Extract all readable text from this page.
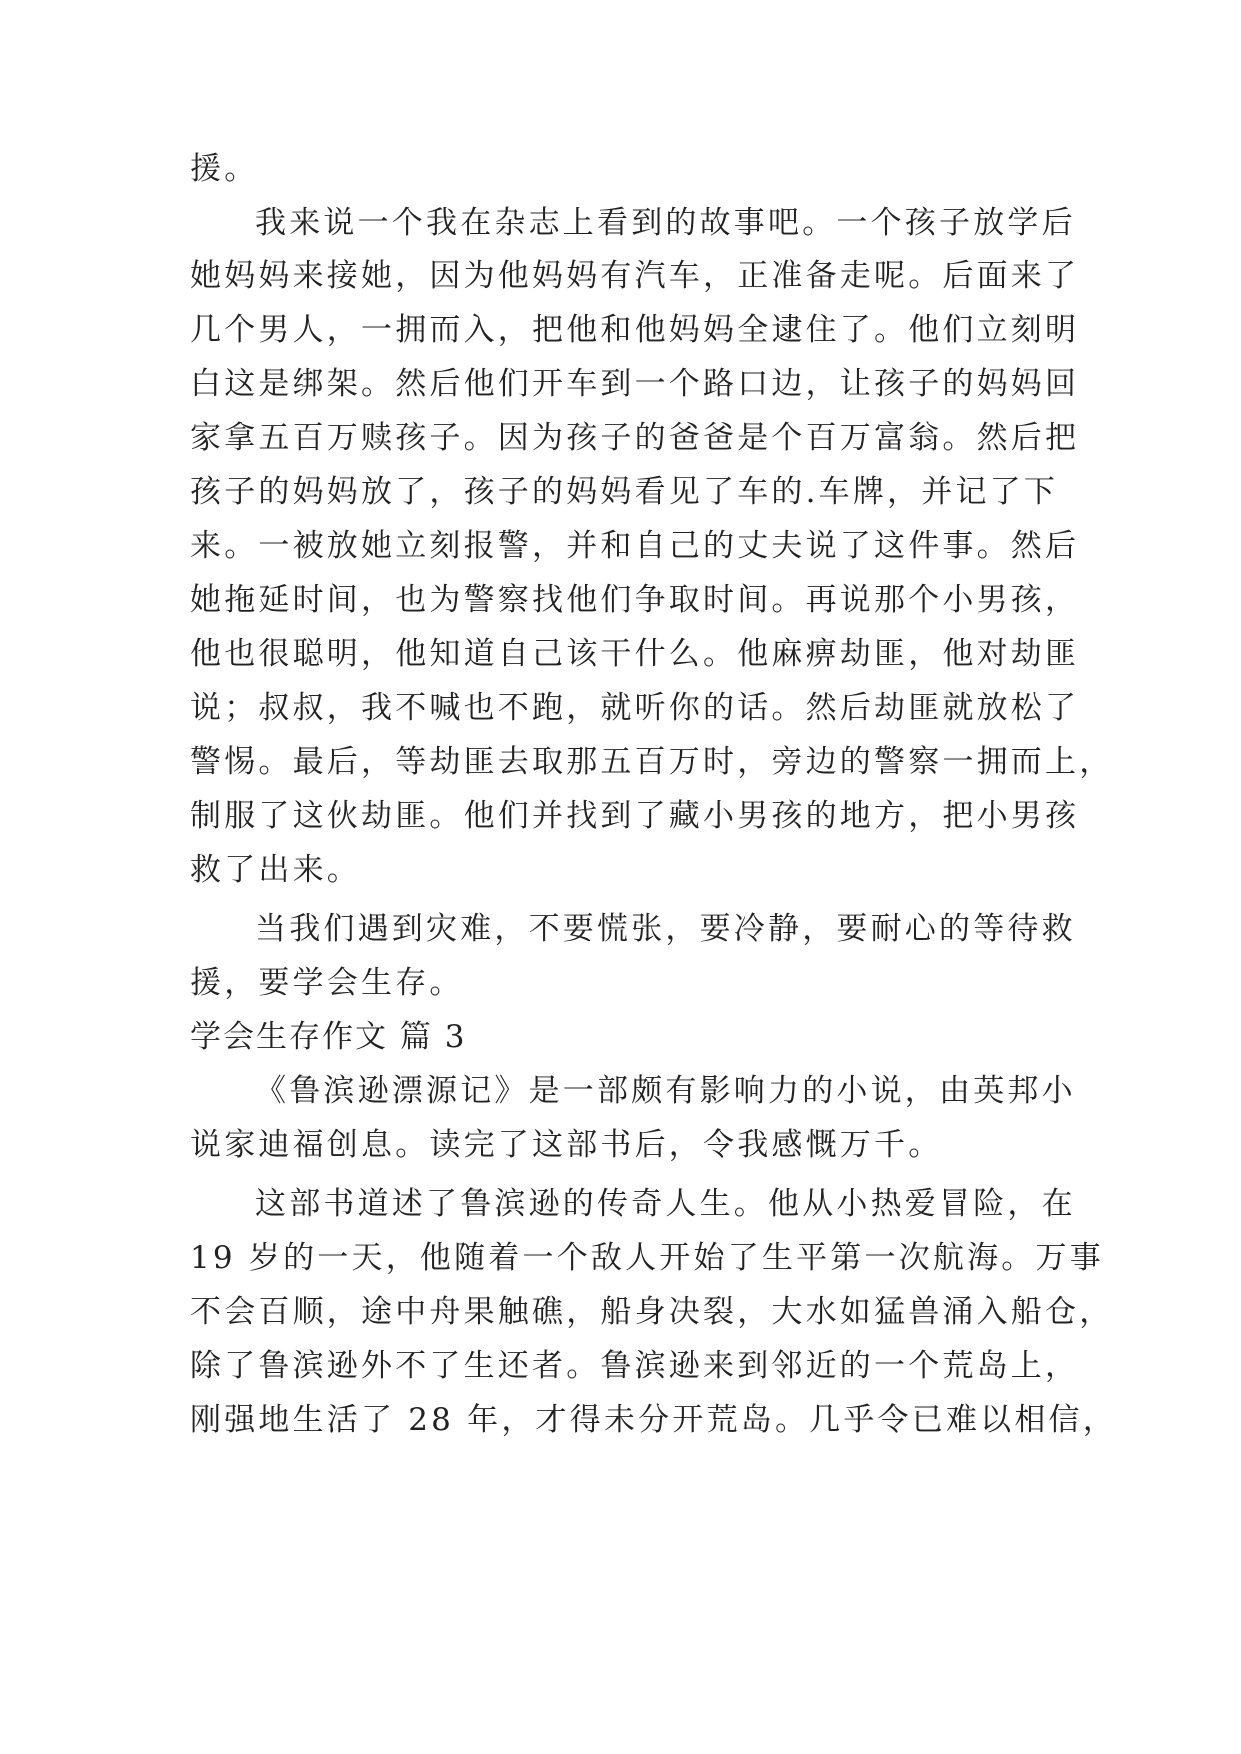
援。
我来说一个我在杂志上看到的故事吧。一个孩子放学后
她妈妈来接她，因为他妈妈有汽车，正准备走呢。后面来了
几个男人，一拥而入，把他和他妈妈全逮住了。他们立刻明
白这是绑架。然后他们开车到一个路口边，让孩子的妈妈回
家拿五百万赎孩子。因为孩子的爸爸是个百万富翁。然后把
孩子的妈妈放了，孩子的妈妈看见了车的.车牌，并记了下
来。一被放她立刻报警，并和自己的丈夫说了这件事。然后
她拖延时间，也为警察找他们争取时间。再说那个小男孩，
他也很聪明，他知道自己该干什么。他麻痹劫匪，他对劫匪
说；叔叔，我不喊也不跑，就听你的话。然后劫匪就放松了
警惕。最后，等劫匪去取那五百万时，旁边的警察一拥而上，
制服了这伙劫匪。他们并找到了藏小男孩的地方，把小男孩
救了出来。
当我们遇到灾难，不要慌张，要冷静，要耐心的等待救
援，要学会生存。
学会生存作文 篇 3
《鲁滨逊漂源记》是一部颇有影响力的小说，由英邦小
说家迪福创息。读完了这部书后，令我感慨万千。
这部书道述了鲁滨逊的传奇人生。他从小热爱冒险，在
19 岁的一天，他随着一个敌人开始了生平第一次航海。万事
不会百顺，途中舟果触礁，船身决裂，大水如猛兽涌入船仓，
除了鲁滨逊外不了生还者。鲁滨逊来到邻近的一个荒岛上，
刚强地生活了 28 年，才得未分开荒岛。几乎令已难以相信，
